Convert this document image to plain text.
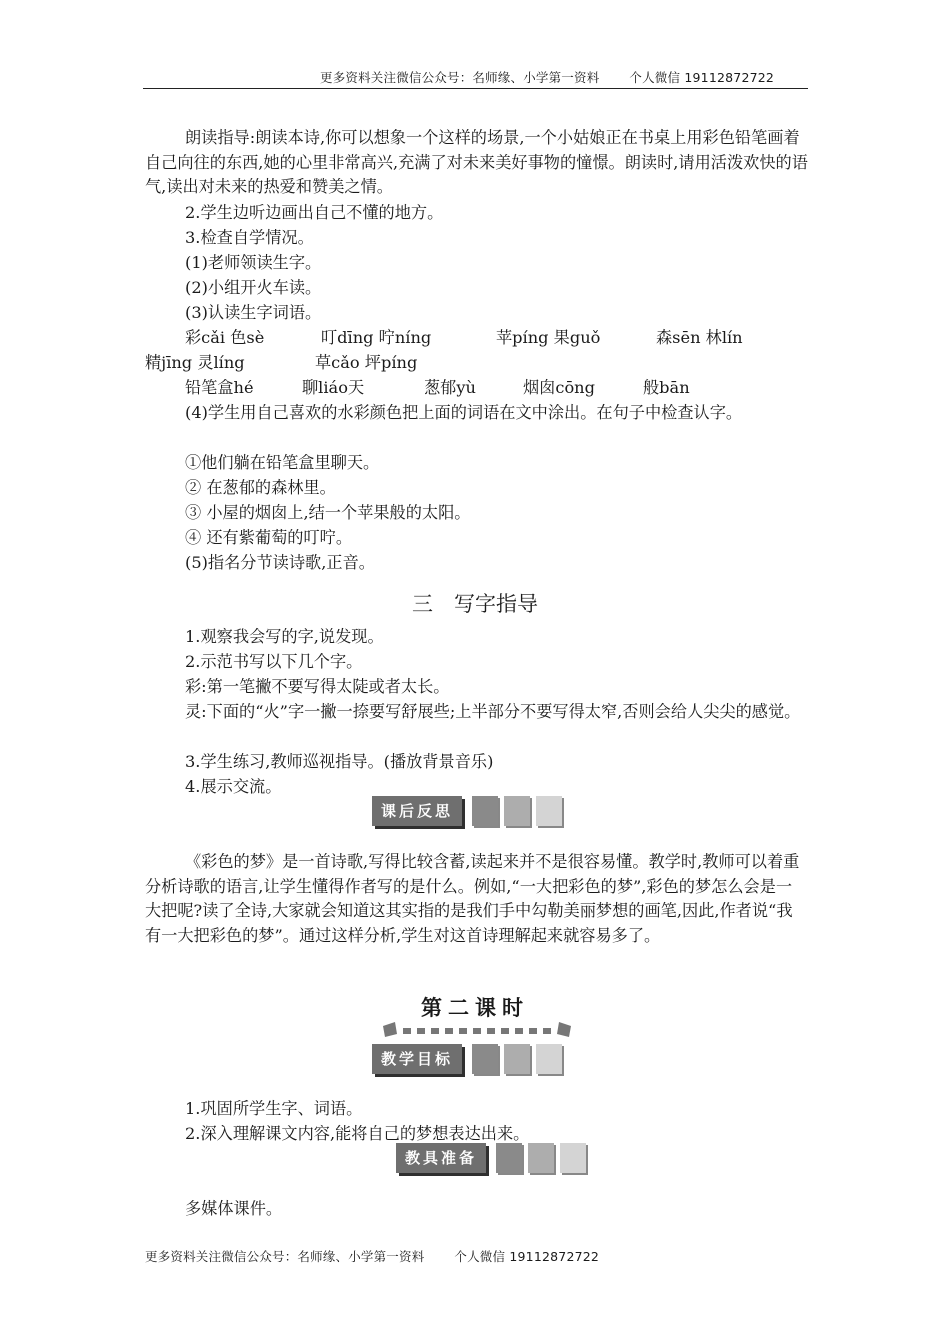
更多资料关注微信公众号：名师缘、小学第一资料 个人微信 19112872722
朗读指导:朗读本诗,你可以想象一个这样的场景,一个小姑娘正在书桌上用彩色铅笔画着自己向往的东西,她的心里非常高兴,充满了对未来美好事物的憧憬。朗读时,请用活泼欢快的语气,读出对未来的热爱和赞美之情。
2.学生边听边画出自己不懂的地方。
3.检查自学情况。
(1)老师领读生字。
(2)小组开火车读。
(3)认读生字词语。
彩cǎi 色sè	叮dīng 咛níng	苹píng 果guǒ	森sēn 林lín
精jīng 灵líng	草cǎo 坪píng
铅笔盒hé	聊liáo天	葱郁yù	烟囱cōng	般bān
(4)学生用自己喜欢的水彩颜色把上面的词语在文中涂出。在句子中检查认字。
①他们躺在铅笔盒里聊天。
② 在葱郁的森林里。
③ 小屋的烟囱上,结一个苹果般的太阳。
④ 还有紫葡萄的叮咛。
(5)指名分节读诗歌,正音。
三　写字指导
1.观察我会写的字,说发现。
2.示范书写以下几个字。
彩:第一笔撇不要写得太陡或者太长。
灵:下面的“火”字一撇一捺要写舒展些;上半部分不要写得太窄,否则会给人尖尖的感觉。
3.学生练习,教师巡视指导。(播放背景音乐)
4.展示交流。
课后反思
《彩色的梦》是一首诗歌,写得比较含蓄,读起来并不是很容易懂。教学时,教师可以着重分析诗歌的语言,让学生懂得作者写的是什么。例如,“一大把彩色的梦”,彩色的梦怎么会是一大把呢?读了全诗,大家就会知道这其实指的是我们手中勾勒美丽梦想的画笔,因此,作者说“我有一大把彩色的梦”。通过这样分析,学生对这首诗理解起来就容易多了。
第二课时
教学目标
1.巩固所学生字、词语。
2.深入理解课文内容,能将自己的梦想表达出来。
教具准备
多媒体课件。
更多资料关注微信公众号：名师缘、小学第一资料 个人微信 19112872722
